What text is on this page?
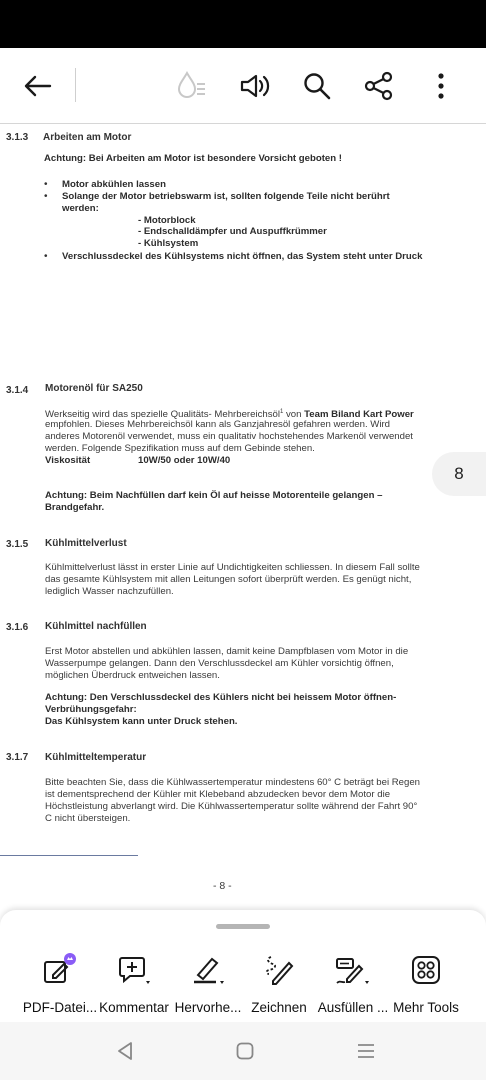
3.1.3 Arbeiten am Motor
Achtung: Bei Arbeiten am Motor ist besondere Vorsicht geboten !
• Motor abkühlen lassen
• Solange der Motor betriebswarm ist, sollten folgende Teile nicht berührt
werden:
- Motorblock
- Endschalldämpfer und Auspuffkrümmer
- Kühlsystem
• Verschlussdeckel des Kühlsystems nicht öffnen, das System steht unter Druck
3.1.4 Motorenöl für SA250
Werkseitig wird das spezielle Qualitäts- Mehrbereichsöl$^1$ von Team Biland Kart Power
empfohlen. Dieses Mehrbereichsöl kann als Ganzjahresöl gefahren werden. Wird
anderes Motorenöl verwendet, muss ein qualitativ hochstehendes Markenöl verwendet
werden. Folgende Spezifikation muss auf dem Gebinde stehen.
Viskosität	10W/50 oder 10W/40
Achtung: Beim Nachfüllen darf kein Öl auf heisse Motorenteile gelangen –
Brandgefahr.
3.1.5 Kühlmittelverlust
Kühlmittelverlust lässt in erster Linie auf Undichtigkeiten schliessen. In diesem Fall sollte
das gesamte Kühlsystem mit allen Leitungen sofort überprüft werden. Es genügt nicht,
lediglich Wasser nachzufüllen.
3.1.6 Kühlmittel nachfüllen
Erst Motor abstellen und abkühlen lassen, damit keine Dampfblasen vom Motor in die
Wasserpumpe gelangen. Dann den Verschlussdeckel am Kühler vorsichtig öffnen,
möglichen Überdruck entweichen lassen.
Achtung: Den Verschlussdeckel des Kühlers nicht bei heissem Motor öffnen-
Verbrühungsgefahr:
Das Kühlsystem kann unter Druck stehen.
3.1.7 Kühlmitteltemperatur
Bitte beachten Sie, dass die Kühlwassertemperatur mindestens 60° C beträgt bei Regen
ist dementsprechend der Kühler mit Klebeband abzudecken bevor dem Motor die
Höchstleistung abverlangt wird. Die Kühlwassertemperatur sollte während der Fahrt 90°
C nicht übersteigen.
- 8 -
8
PDF-Datei... Kommentar Hervorhe... Zeichnen Ausfüllen ... Mehr Tools
